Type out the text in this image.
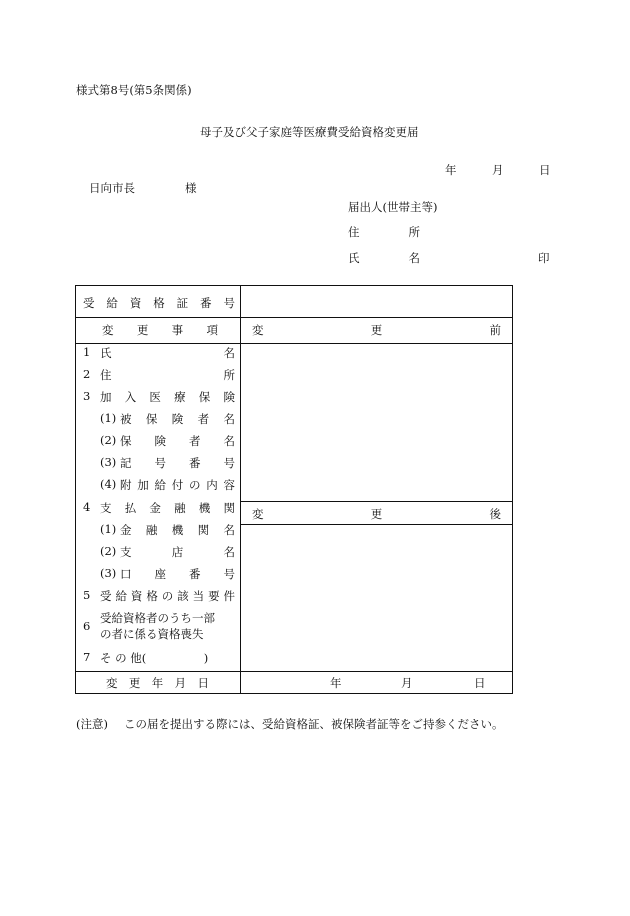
様式第8号(第5条関係)
母子及び父子家庭等医療費受給資格変更届
年	月	日
日向市長	様
届出人(世帯主等)
住	所
氏	名	印
受 給 資 格 証 番 号
変 更 事 項	変	更	前
1 氏	名
2 住	所
3 加 入 医 療 保 険
(1) 被 保 険 者 名
(2) 保 険 者 名
(3) 記 号 番 号
(4) 附 加 給 付 の 内 容
4 支 払 金 融 機 関
(1) 金 融 機 関 名
(2) 支	店	名
(3) 口 座 番 号
5 受 給 資 格 の 該 当 要 件
6
受給資格者のうち一部
の者に係る資格喪失
7 そ の 他(　　　　　)
変	更	後
変 更 年 月 日	年	月	日
(注意) この届を提出する際には、受給資格証、被保険者証等をご持参ください。
